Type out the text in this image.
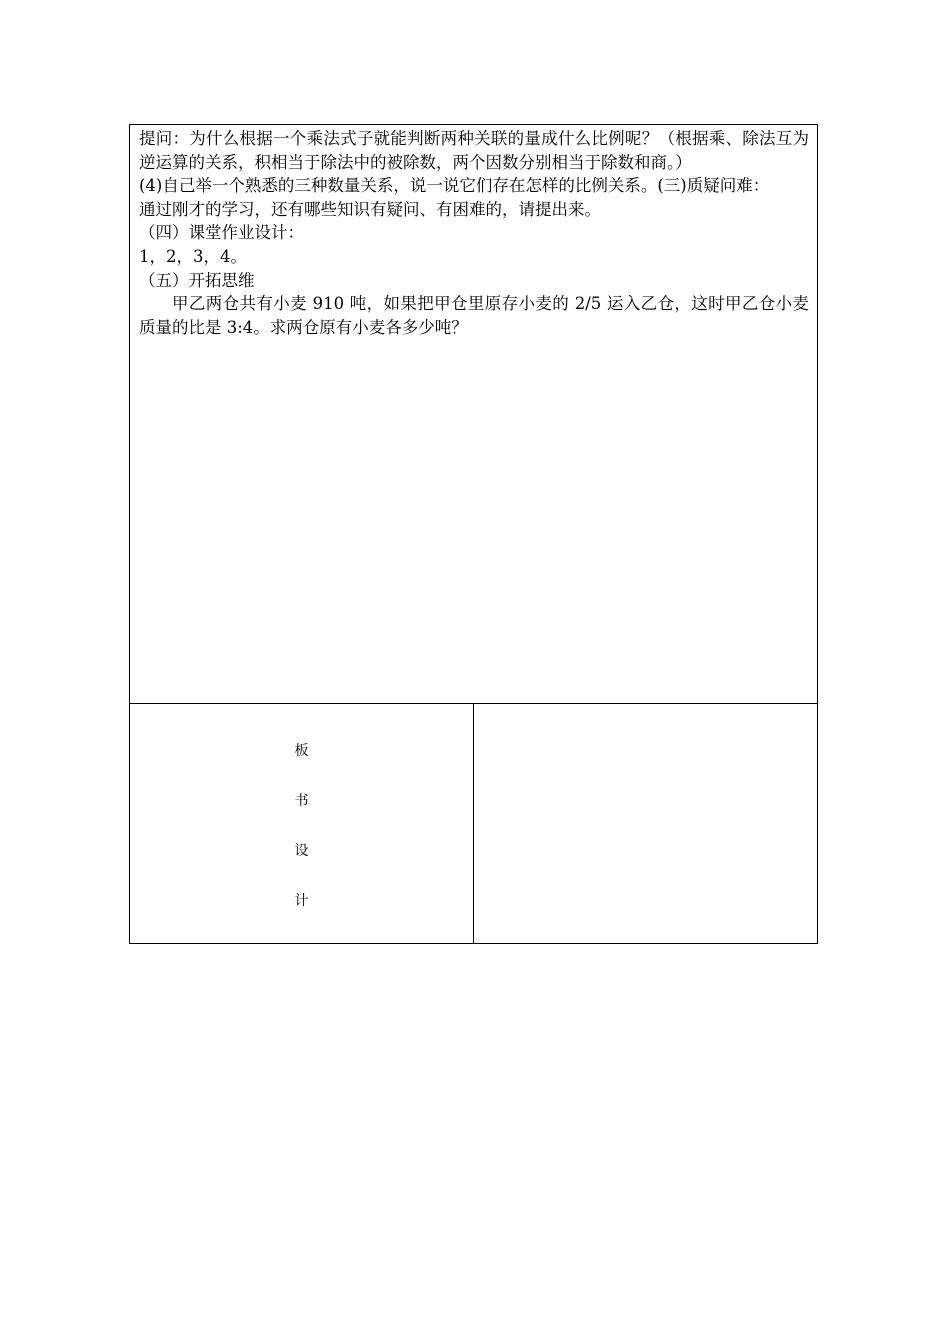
提问：为什么根据一个乘法式子就能判断两种关联的量成什么比例呢？（根据乘、除法互为逆运算的关系，积相当于除法中的被除数，两个因数分别相当于除数和商。）

(4)自己举一个熟悉的三种数量关系，说一说它们存在怎样的比例关系。(三)质疑问难：

通过刚才的学习，还有哪些知识有疑问、有困难的，请提出来。

（四）课堂作业设计：

1，2，3，4。

（五）开拓思维

甲乙两仓共有小麦 910 吨，如果把甲仓里原存小麦的 2/5 运入乙仓，这时甲乙仓小麦质量的比是 3:4。求两仓原有小麦各多少吨？

板
书
设
计
